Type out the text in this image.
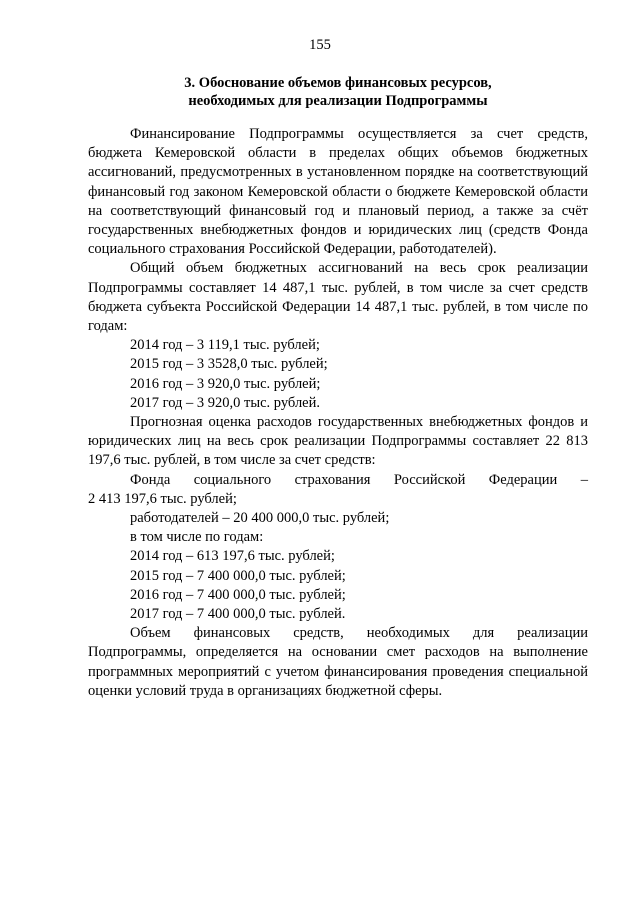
155
3. Обоснование объемов финансовых ресурсов,
необходимых для реализации Подпрограммы

Финансирование Подпрограммы осуществляется за счет средств, бюджета Кемеровской области в пределах общих объемов бюджетных ассигнований, предусмотренных в установленном порядке на соответствующий финансовый год законом Кемеровской области о бюджете Кемеровской области на соответствующий финансовый год и плановый период, а также за счёт государственных внебюджетных фондов и юридических лиц (средств Фонда социального страхования Российской Федерации, работодателей).

Общий объем бюджетных ассигнований на весь срок реализации Подпрограммы составляет 14 487,1 тыс. рублей, в том числе за счет средств бюджета субъекта Российской Федерации 14 487,1 тыс. рублей, в том числе по годам:

2014 год – 3 119,1 тыс. рублей;

2015 год – 3 3528,0 тыс. рублей;

2016 год – 3 920,0 тыс. рублей;

2017 год – 3 920,0 тыс. рублей.

Прогнозная оценка расходов государственных внебюджетных фондов и юридических лиц на весь срок реализации Подпрограммы составляет 22 813 197,6 тыс. рублей, в том числе за счет средств:

Фонда социального страхования Российской Федерации –

2 413 197,6 тыс. рублей;

работодателей – 20 400 000,0 тыс. рублей;

в том числе по годам:

2014 год – 613 197,6 тыс. рублей;

2015 год – 7 400 000,0 тыс. рублей;

2016 год – 7 400 000,0 тыс. рублей;

2017 год – 7 400 000,0 тыс. рублей.

Объем финансовых средств, необходимых для реализации Подпрограммы, определяется на основании смет расходов на выполнение программных мероприятий с учетом финансирования проведения специальной оценки условий труда в организациях бюджетной сферы.
